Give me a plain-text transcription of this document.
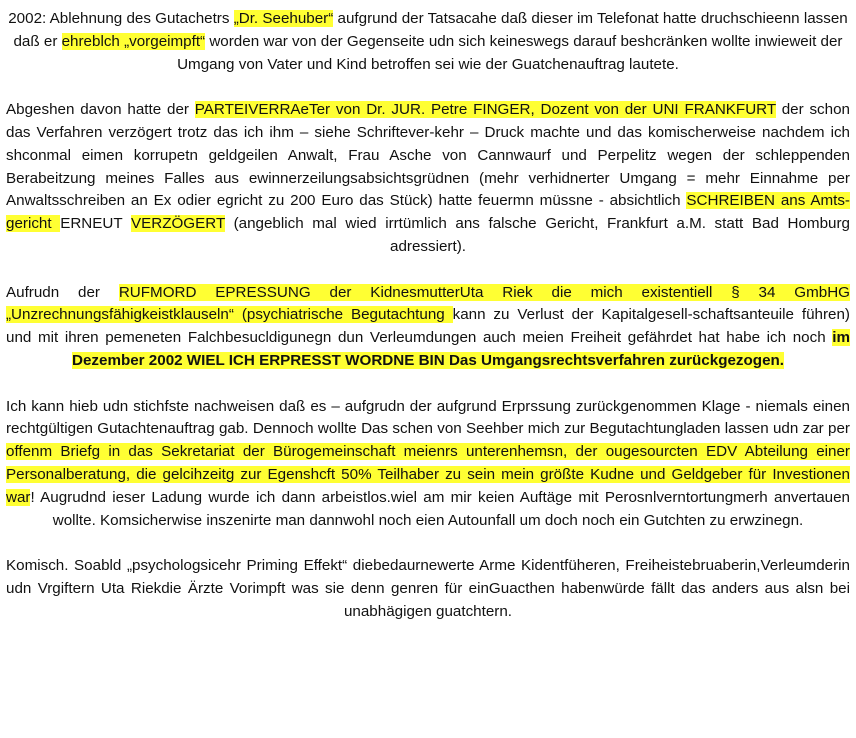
2002: Ablehnung des Gutachetrs „Dr. Seehuber“ aufgrund der Tatsacahe daß dieser im Telefonat hatte druchschieenn lassen daß er ehreblch „vorgeimpft“ worden war von der Gegenseite udn sich keineswegs darauf beshcränken wollte inwieweit der Umgang von Vater und Kind betroffen sei wie der Guatchenauftrag lautete.

Abgeshen davon hatte der PARTEIVERRAeTer von Dr. JUR. Petre FINGER, Dozent von der UNI FRANKFURT der schon das Verfahren verzögert trotz das ich ihm – siehe Schriftever-kehr – Druck machte und das komischerweise nachdem ich shconmal eimen korrupetn geldgeilen Anwalt, Frau Asche von Cannwaurf und Perpelitz wegen der schleppenden Berabeitzung meines Falles aus ewinnerzeilungsabsichtsgrüdnen (mehr verhidnerter Umgang = mehr Einnahme per Anwaltsschreiben an Ex odier egricht zu 200 Euro das Stück) hatte feuermn müssne - absichtlich SCHREIBEN ans Amts-gericht ERNEUT VERZÖGERT (angeblich mal wied irrtümlich ans falsche Gericht, Frankfurt a.M. statt Bad Homburg adressiert).

Aufrudn der RUFMORD EPRESSUNG der KidnesmutterUta Riek die mich existentiell § 34 GmbHG „Unzrechnungsfähigkeistklauseln“ (psychiatrische Begutachtung kann zu Verlust der Kapitalgesell-schaftsanteuile führen) und mit ihren pemeneten Falchbesucldigunegn dun Verleumdungen auch meien Freiheit gefährdet hat habe ich noch im Dezember 2002 WIEL ICH ERPRESST WORDNE BIN Das Umgangsrechtsverfahren zurückgezogen.

Ich kann hieb udn stichfste nachweisen daß es – aufgrudn der aufgrund Erprssung zurückgenommen Klage - niemals einen rechtgültigen Gutachtenauftrag gab. Dennoch wollte Das schen von Seehber mich zur Begutachtungladen lassen udn zar per offenm Briefg in das Sekretariat der Bürogemeinschaft meienrs unterenhemsn, der ougesourcten EDV Abteilung einer Personalberatung, die gelcihzeitg zur Egenshcft 50% Teilhaber zu sein mein größte Kudne und Geldgeber für Investionen war! Augrudnd ieser Ladung wurde ich dann arbeistlos.wiel am mir keien Auftäge mit Perosnlverntortungmerh anvertauen wollte. Komsicherwise inszenirte man dannwohl noch eien Autounfall um doch noch ein Gutchten zu erwzinegn.

Komisch. Soabld „psychologsicehr Priming Effekt“ diebedaurnewerte Arme Kidentfüheren, Freiheistebruaberin,Verleumderin udn Vrgiftern Uta Riekdie Ärzte Vorimpft was sie denn genren für einGuacthen habenwürde fällt das anders aus alsn bei unabhägigen guatchtern.
